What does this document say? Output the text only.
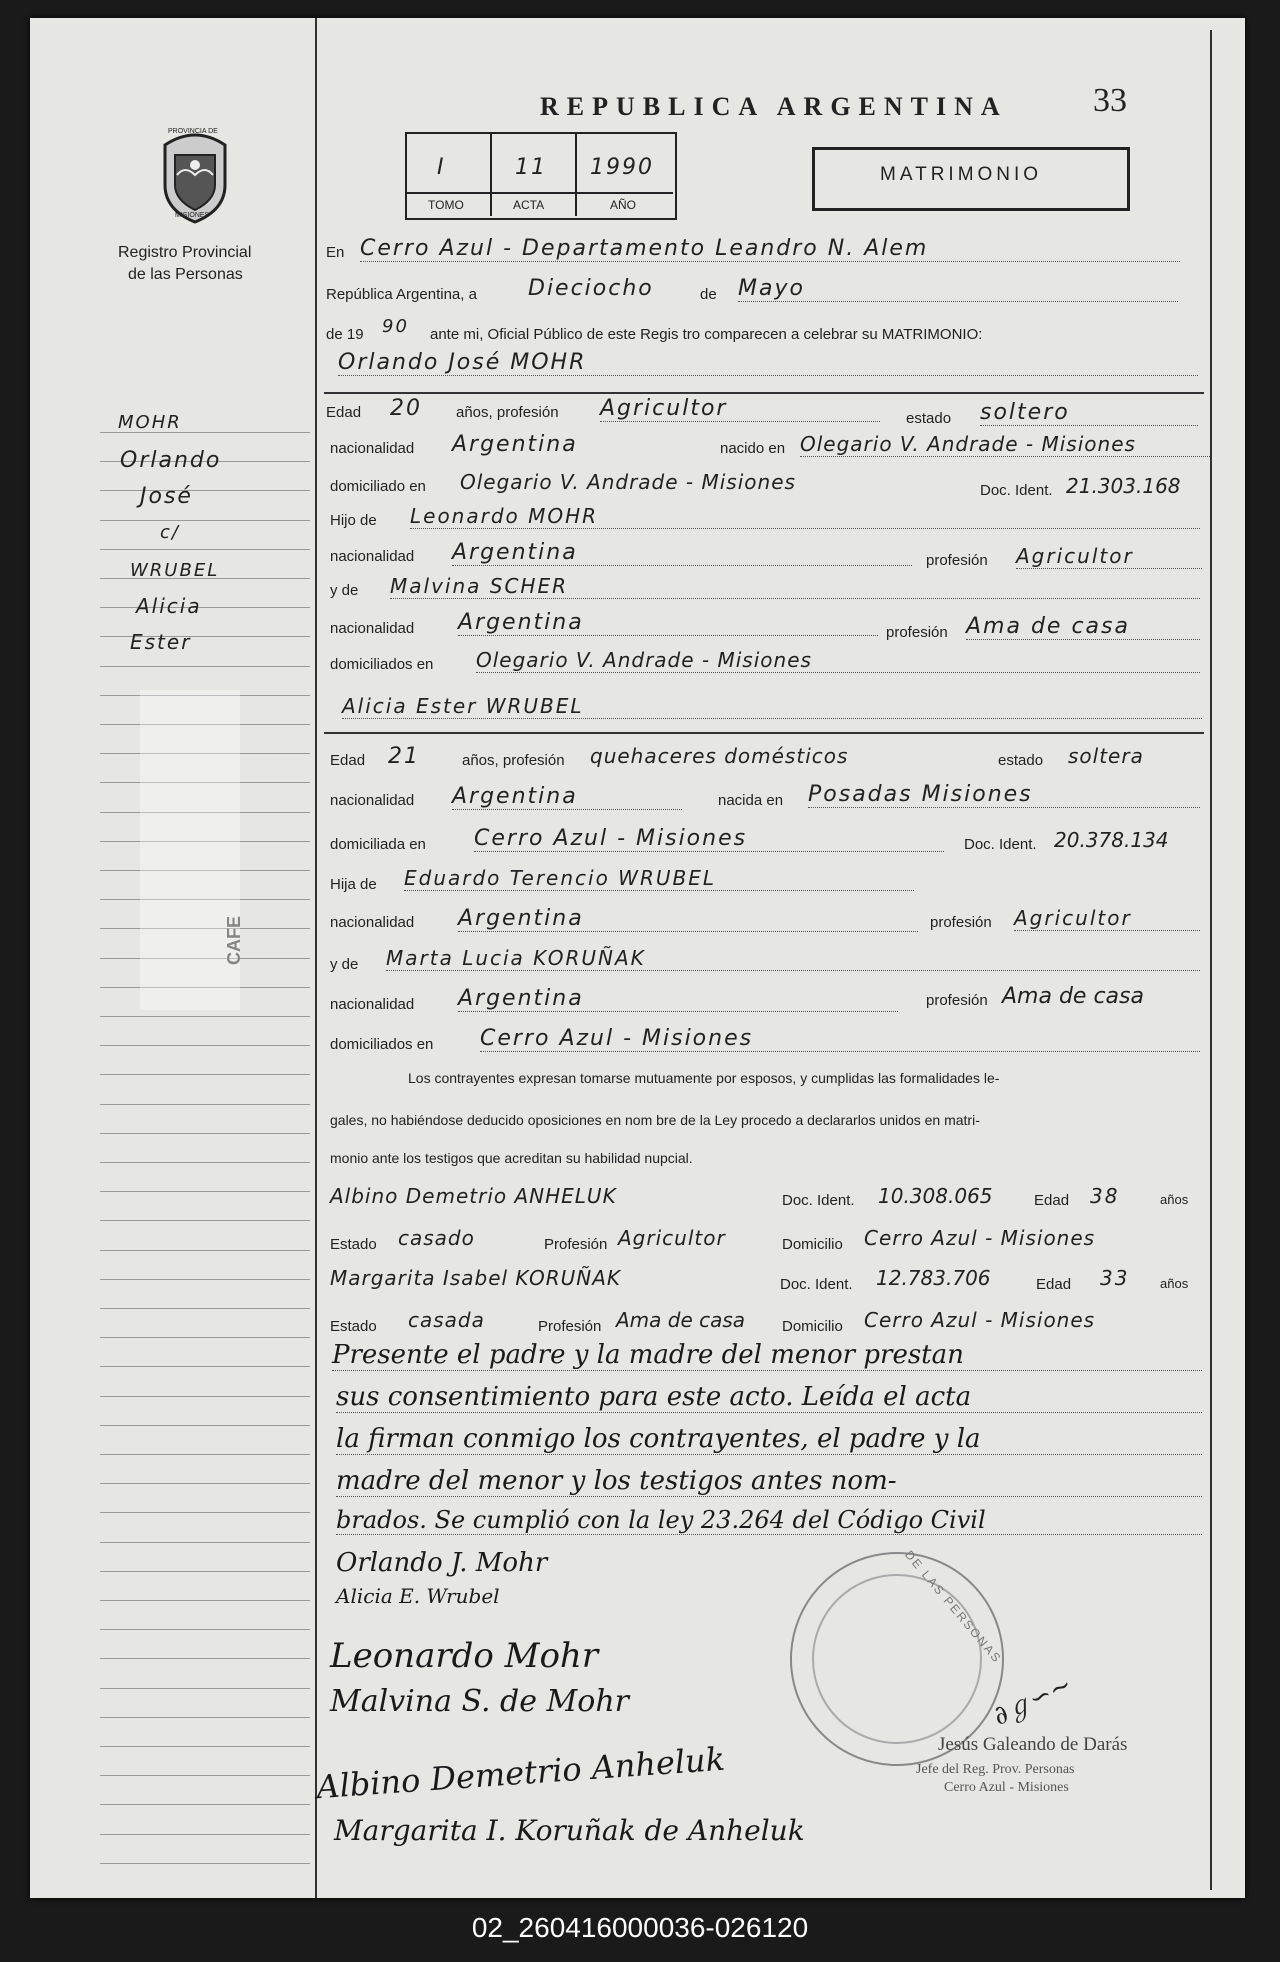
PROVINCIA DE
MISIONES
Registro Provincial
de las Personas
MOHR
Orlando
José
c/
WRUBEL
Alicia
Ester
CAFE
REPUBLICA ARGENTINA	33
I	11 1990
TOMO	ACTA	AÑO
MATRIMONIO
En Cerro Azul - Departamento Leandro N. Alem
República Argentina, a Dieciocho	de Mayo
de 19 90 ante mi, Oficial Público de este Regis tro comparecen a celebrar su MATRIMONIO:
Orlando José MOHR
Edad 20 años, profesión Agricultor	estado soltero
nacionalidad Argentina	nacido en Olegario V. Andrade - Misiones
domiciliado en Olegario V. Andrade - Misiones	Doc. Ident. 21.303.168
Hijo de Leonardo MOHR
nacionalidad Argentina	profesión Agricultor
y de Malvina SCHER
nacionalidad Argentina	profesión Ama de casa
domiciliados en Olegario V. Andrade - Misiones
Alicia Ester WRUBEL
Edad 21	años, profesión quehaceres domésticos	estado soltera
nacionalidad Argentina	nacida en Posadas Misiones
domiciliada en Cerro Azul - Misiones	Doc. Ident. 20.378.134
Hija de Eduardo Terencio WRUBEL
nacionalidad Argentina	profesión Agricultor
y de Marta Lucia KORUÑAK
nacionalidad Argentina	profesión Ama de casa
domiciliados en Cerro Azul - Misiones
Los contrayentes expresan tomarse mutuamente por esposos, y cumplidas las formalidades le-
gales, no habiéndose deducido oposiciones en nom bre de la Ley procedo a declararlos unidos en matri-
monio ante los testigos que acreditan su habilidad nupcial.
Albino Demetrio ANHELUK	Doc. Ident. 10.308.065	Edad 38	años
Estado casado	Profesión Agricultor	Domicilio Cerro Azul - Misiones
Margarita Isabel KORUÑAK	Doc. Ident. 12.783.706	Edad 33 años
Estado casada	Profesión Ama de casa Domicilio Cerro Azul - Misiones
Presente el padre y la madre del menor prestan
sus consentimiento para este acto. Leída el acta
la firman conmigo los contrayentes, el padre y la
madre del menor y los testigos antes nom-
brados. Se cumplió con la ley 23.264 del Código Civil
DE LAS PERSONAS
Orlando J. Mohr
Alicia E. Wrubel
Leonardo Mohr
Malvina S. de Mohr
Albino Demetrio Anheluk
Margarita I. Koruñak de Anheluk
∂ℊ∽∼
Jesús Galeando de Darás
Jefe del Reg. Prov. Personas
Cerro Azul - Misiones
02_260416000036-026120
